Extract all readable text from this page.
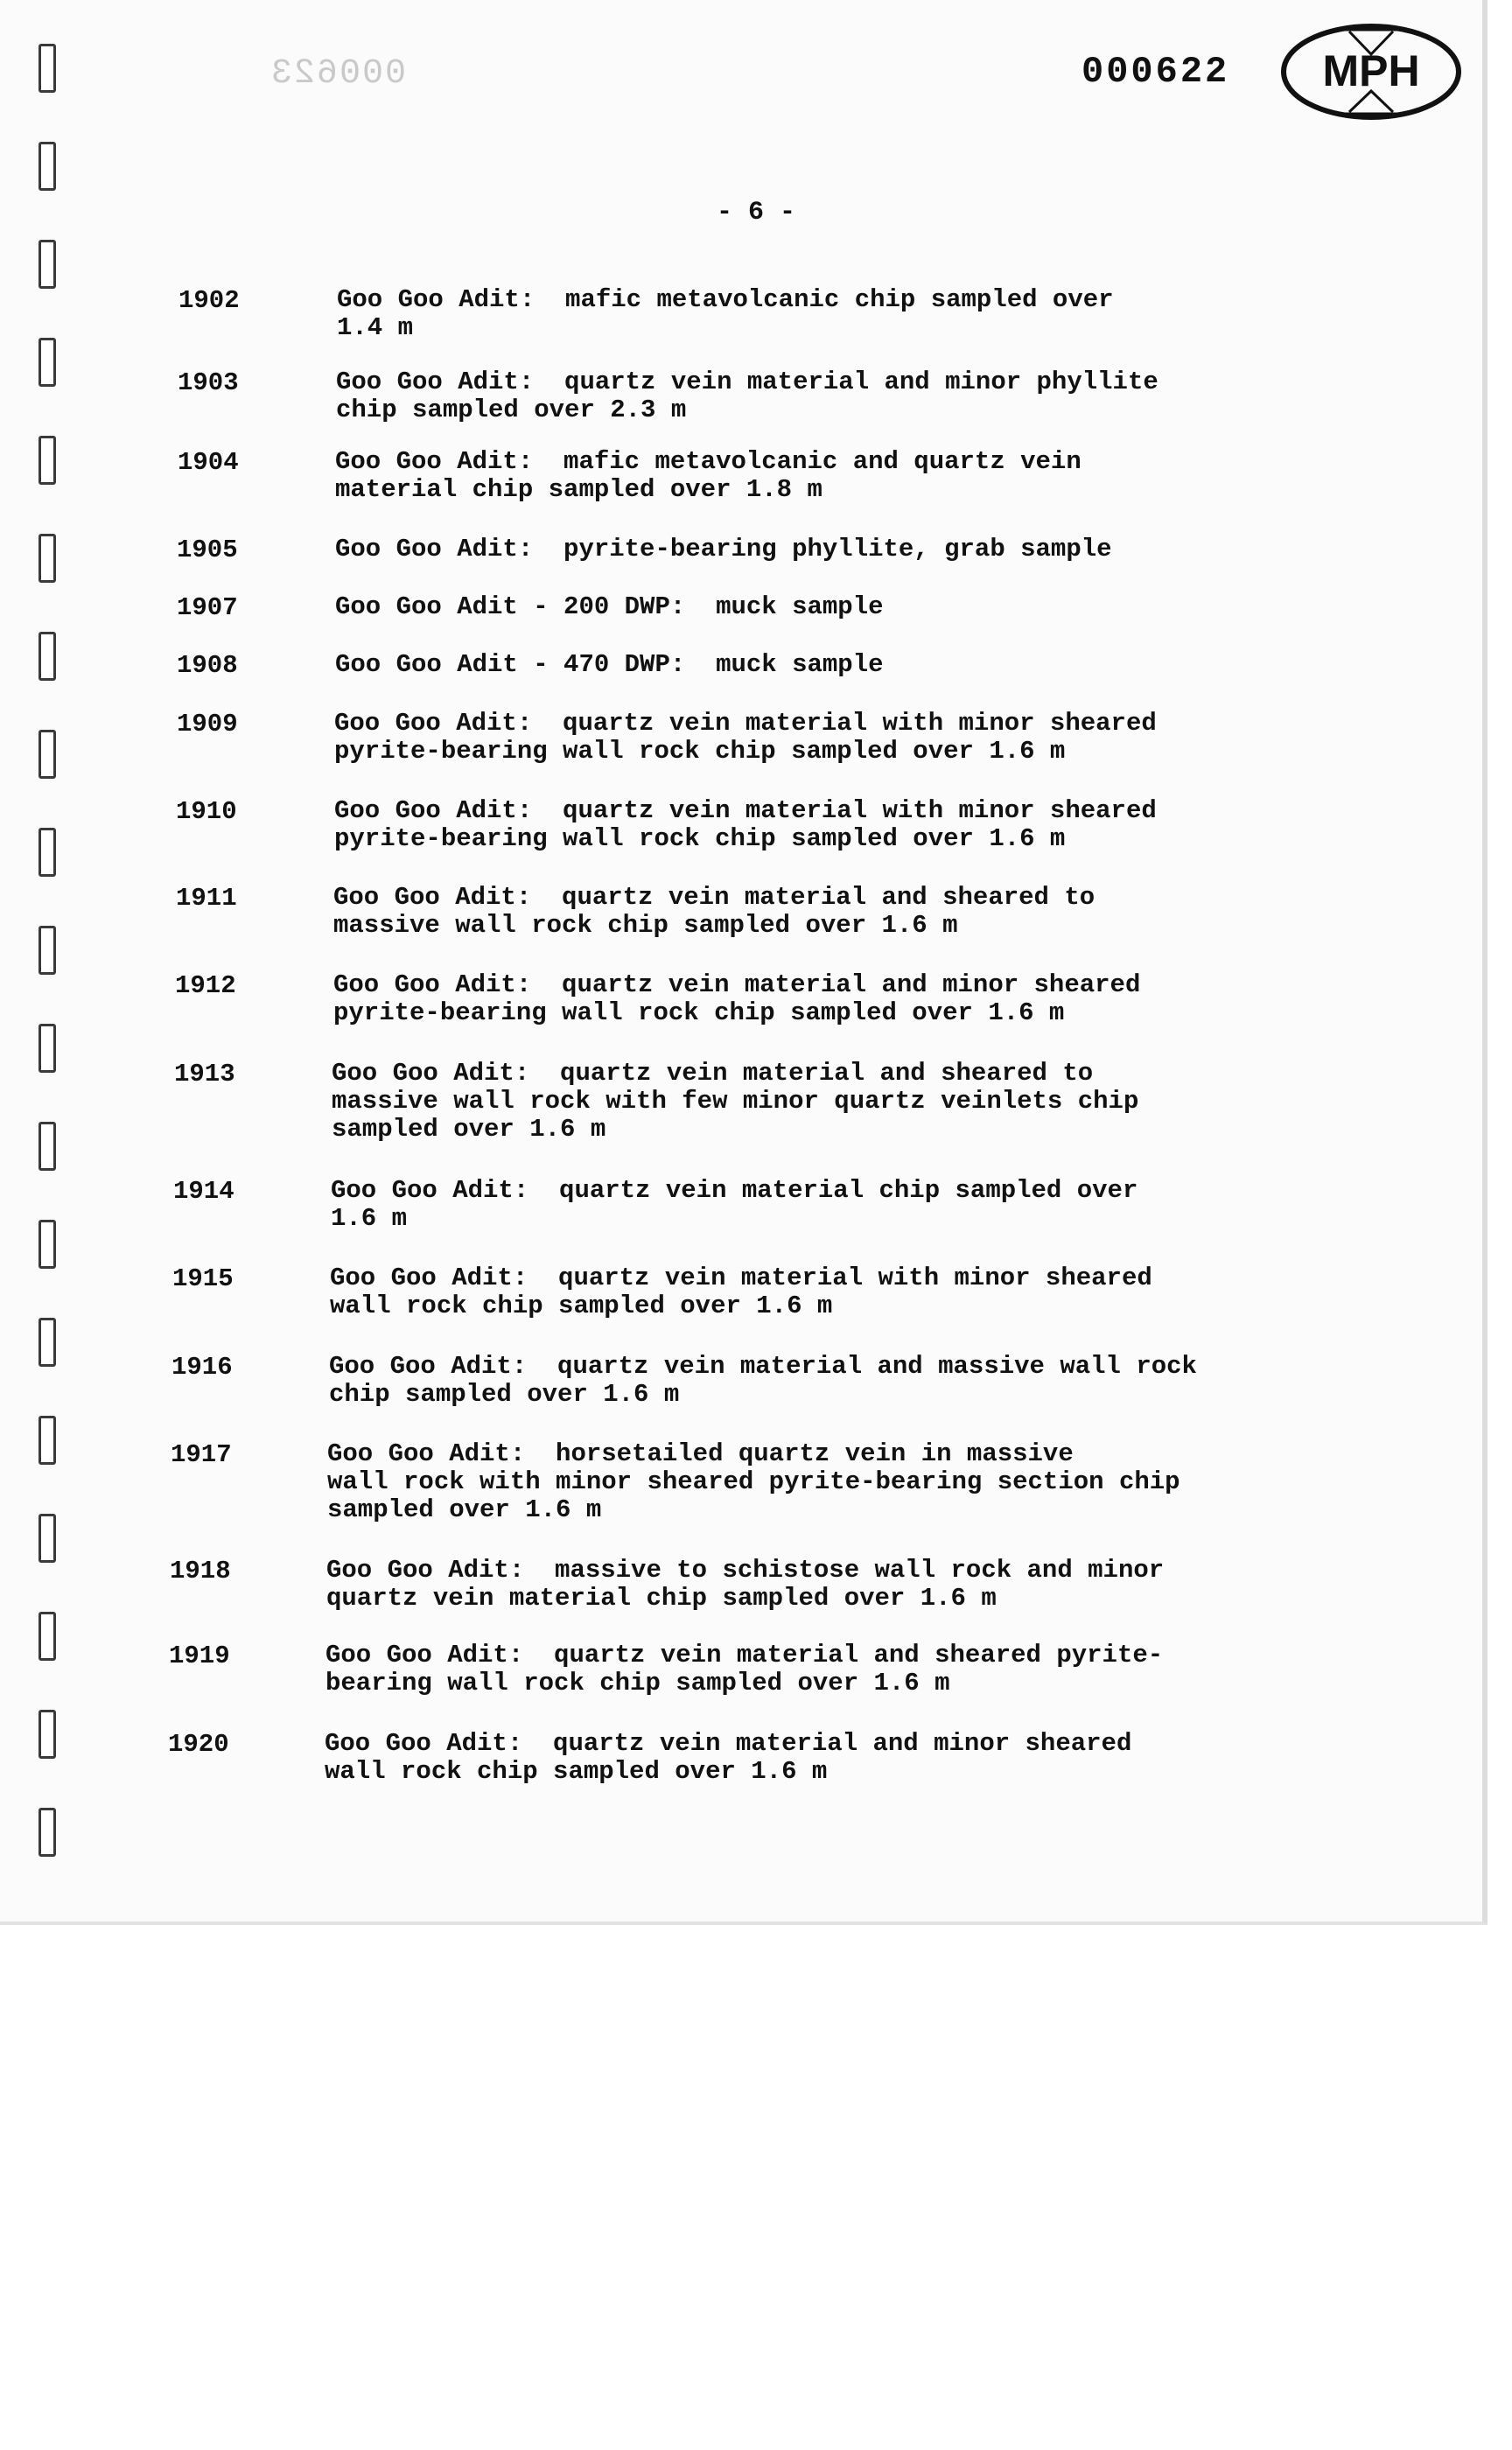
000623	000622 MPH
- 6 -
1902	Goo Goo Adit:  mafic metavolcanic chip sampled over
1.4 m
1903	Goo Goo Adit:  quartz vein material and minor phyllite
chip sampled over 2.3 m
1904	Goo Goo Adit:  mafic metavolcanic and quartz vein
material chip sampled over 1.8 m
1905	Goo Goo Adit:  pyrite-bearing phyllite, grab sample
1907	Goo Goo Adit - 200 DWP:  muck sample
1908	Goo Goo Adit - 470 DWP:  muck sample
1909	Goo Goo Adit:  quartz vein material with minor sheared
pyrite-bearing wall rock chip sampled over 1.6 m
1910	Goo Goo Adit:  quartz vein material with minor sheared
pyrite-bearing wall rock chip sampled over 1.6 m
1911	Goo Goo Adit:  quartz vein material and sheared to
massive wall rock chip sampled over 1.6 m
1912	Goo Goo Adit:  quartz vein material and minor sheared
pyrite-bearing wall rock chip sampled over 1.6 m
1913	Goo Goo Adit:  quartz vein material and sheared to
massive wall rock with few minor quartz veinlets chip
sampled over 1.6 m
1914	Goo Goo Adit:  quartz vein material chip sampled over
1.6 m
1915	Goo Goo Adit:  quartz vein material with minor sheared
wall rock chip sampled over 1.6 m
1916	Goo Goo Adit:  quartz vein material and massive wall rock
chip sampled over 1.6 m
1917	Goo Goo Adit:  horsetailed quartz vein in massive
wall rock with minor sheared pyrite-bearing section chip
sampled over 1.6 m
1918	Goo Goo Adit:  massive to schistose wall rock and minor
quartz vein material chip sampled over 1.6 m
1919	Goo Goo Adit:  quartz vein material and sheared pyrite-
bearing wall rock chip sampled over 1.6 m
1920	Goo Goo Adit:  quartz vein material and minor sheared
wall rock chip sampled over 1.6 m
